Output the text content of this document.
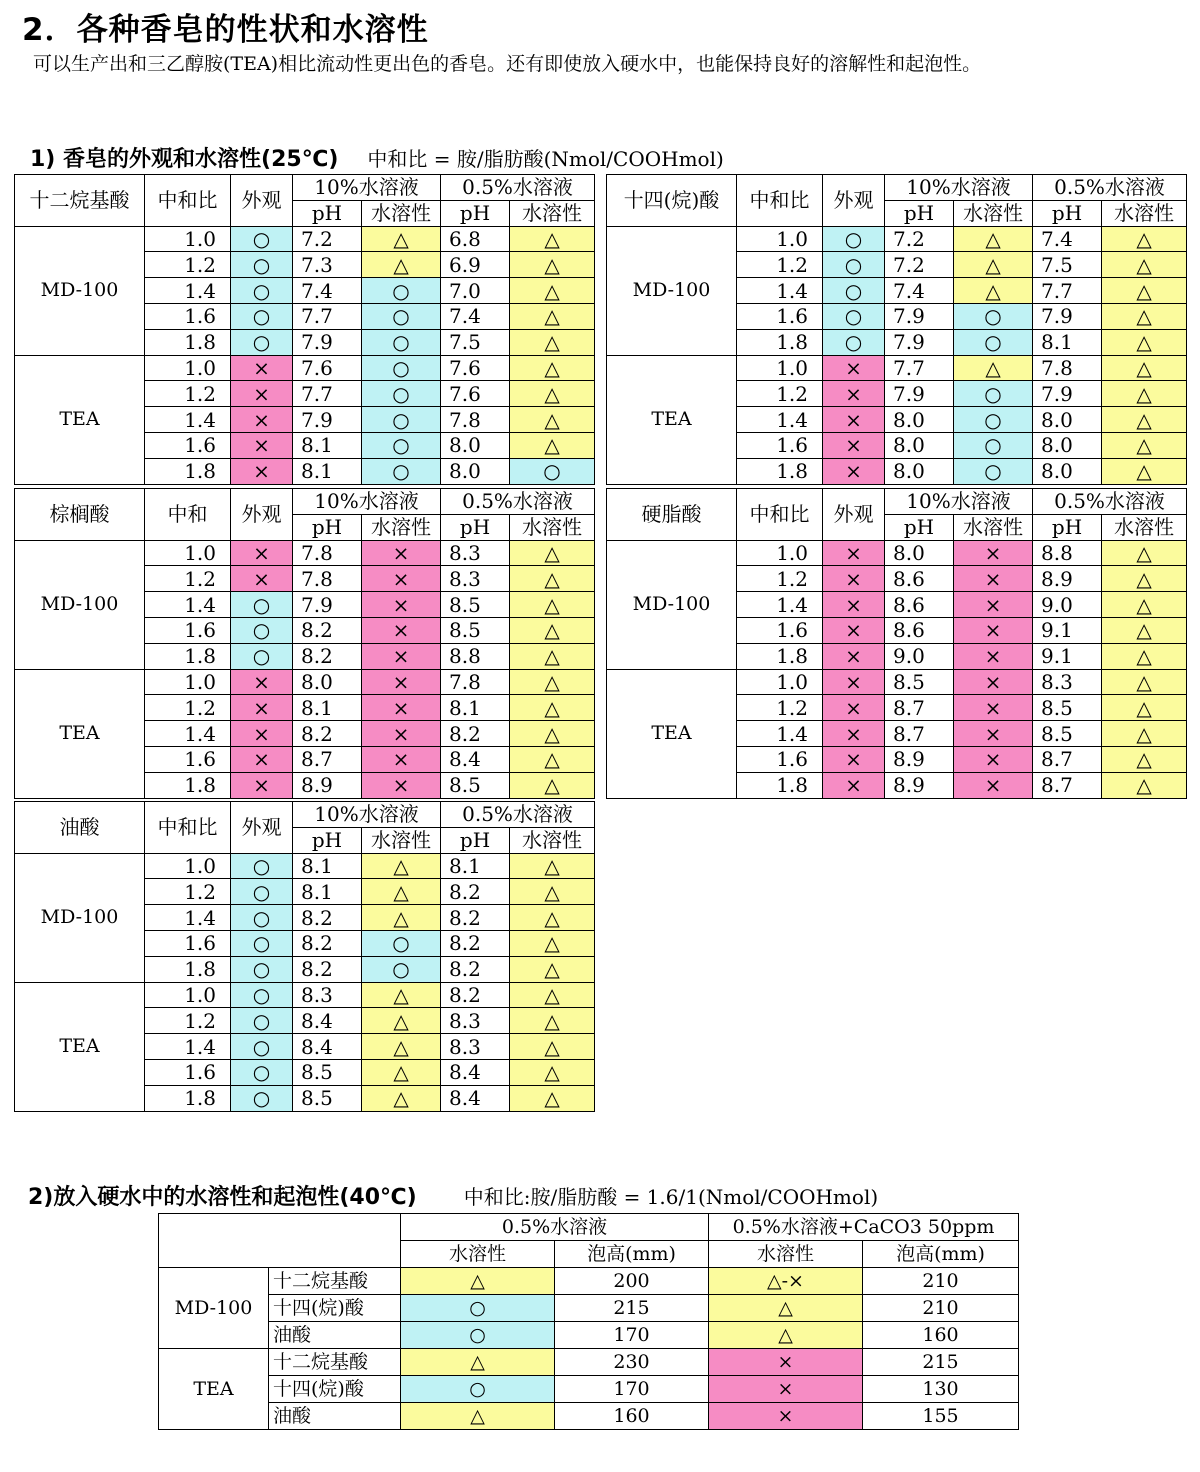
2．各种香皂的性状和水溶性

　可以生产出和三乙醇胺(TEA)相比流动性更出色的香皂。还有即使放入硬水中，也能保持良好的溶解性和起泡性。

1) 香皂的外观和水溶性(25℃) 中和比 = 胺/脂肪酸(Nmol/COOHmol)
十二烷基酸	中和比	外观	10%水溶液		0.5%水溶液	
			pH	水溶性	pH	水溶性
MD-100	1.0	○	7.2	△	6.8	△
	1.2	○	7.3	△	6.9	△
	1.4	○	7.4	○	7.0	△
	1.6	○	7.7	○	7.4	△
	1.8	○	7.9	○	7.5	△
TEA	1.0	×	7.6	○	7.6	△
	1.2	×	7.7	○	7.6	△
	1.4	×	7.9	○	7.8	△
	1.6	×	8.1	○	8.0	△
	1.8	×	8.1	○	8.0	○
十四(烷)酸	中和比	外观	10%水溶液		0.5%水溶液	
			pH	水溶性	pH	水溶性
MD-100	1.0	○	7.2	△	7.4	△
	1.2	○	7.2	△	7.5	△
	1.4	○	7.4	△	7.7	△
	1.6	○	7.9	○	7.9	△
	1.8	○	7.9	○	8.1	△
TEA	1.0	×	7.7	△	7.8	△
	1.2	×	7.9	○	7.9	△
	1.4	×	8.0	○	8.0	△
	1.6	×	8.0	○	8.0	△
	1.8	×	8.0	○	8.0	△
棕榈酸	中和	外观	10%水溶液		0.5%水溶液	
			pH	水溶性	pH	水溶性
MD-100	1.0	×	7.8	×	8.3	△
	1.2	×	7.8	×	8.3	△
	1.4	○	7.9	×	8.5	△
	1.6	○	8.2	×	8.5	△
	1.8	○	8.2	×	8.8	△
TEA	1.0	×	8.0	×	7.8	△
	1.2	×	8.1	×	8.1	△
	1.4	×	8.2	×	8.2	△
	1.6	×	8.7	×	8.4	△
	1.8	×	8.9	×	8.5	△
硬脂酸	中和比	外观	10%水溶液		0.5%水溶液	
			pH	水溶性	pH	水溶性
MD-100	1.0	×	8.0	×	8.8	△
	1.2	×	8.6	×	8.9	△
	1.4	×	8.6	×	9.0	△
	1.6	×	8.6	×	9.1	△
	1.8	×	9.0	×	9.1	△
TEA	1.0	×	8.5	×	8.3	△
	1.2	×	8.7	×	8.5	△
	1.4	×	8.7	×	8.5	△
	1.6	×	8.9	×	8.7	△
	1.8	×	8.9	×	8.7	△
油酸	中和比	外观	10%水溶液		0.5%水溶液	
			pH	水溶性	pH	水溶性
MD-100	1.0	○	8.1	△	8.1	△
	1.2	○	8.1	△	8.2	△
	1.4	○	8.2	△	8.2	△
	1.6	○	8.2	○	8.2	△
	1.8	○	8.2	○	8.2	△
TEA	1.0	○	8.3	△	8.2	△
	1.2	○	8.4	△	8.3	△
	1.4	○	8.4	△	8.3	△
	1.6	○	8.5	△	8.4	△
	1.8	○	8.5	△	8.4	△
2)放入硬水中的水溶性和起泡性(40℃) 中和比:胺/脂肪酸 = 1.6/1(Nmol/COOHmol)
		0.5%水溶液		0.5%水溶液+CaCO3 50ppm	
		水溶性	泡高(mm)	水溶性	泡高(mm)
MD-100	十二烷基酸	△	200	△-×	210
	十四(烷)酸	○	215	△	210
	油酸	○	170	△	160
TEA	十二烷基酸	△	230	×	215
	十四(烷)酸	○	170	×	130
	油酸	△	160	×	155
